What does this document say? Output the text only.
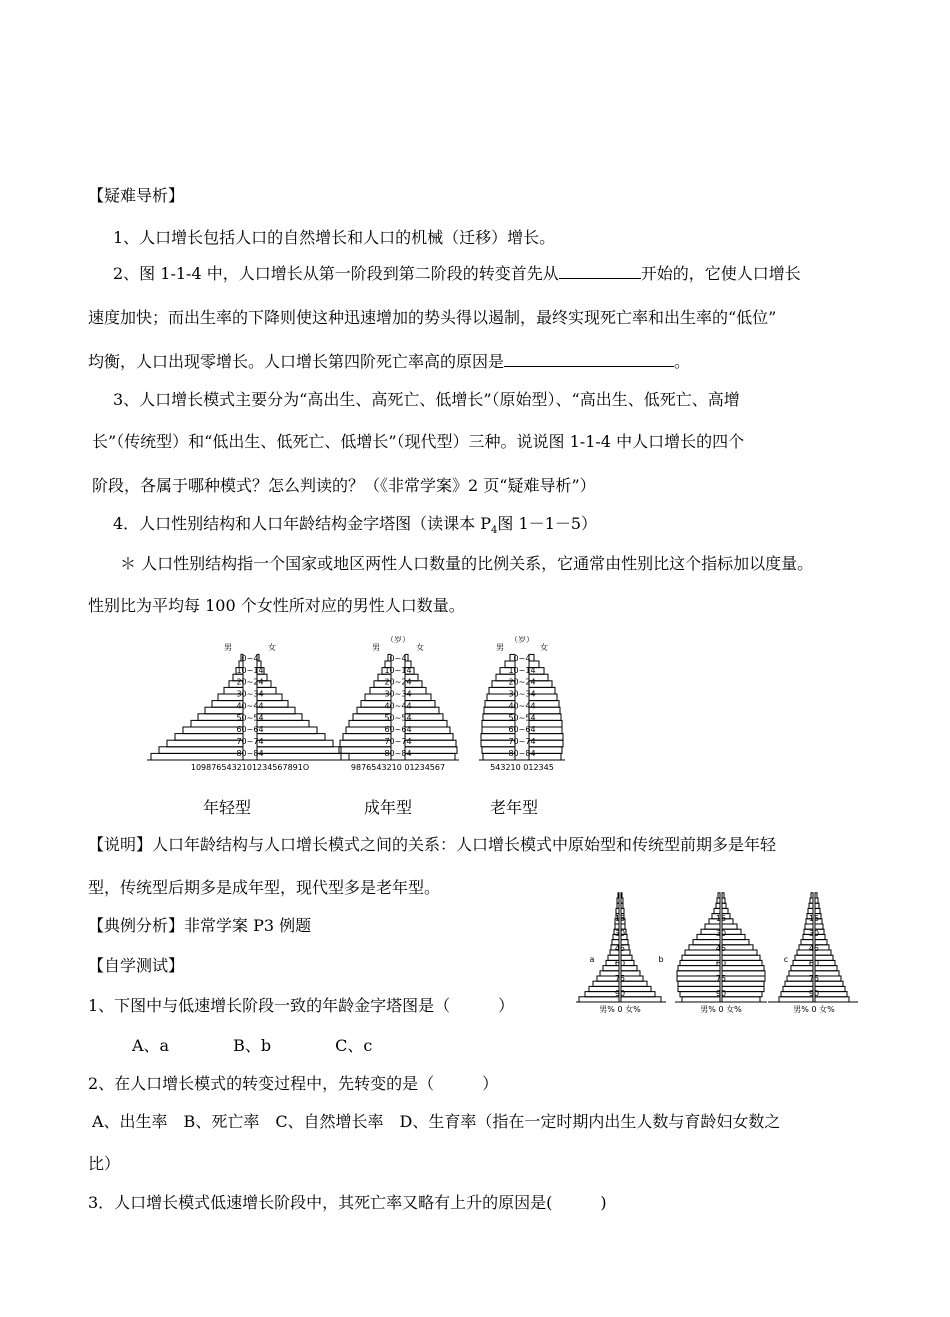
【疑难导析】
1、人口增长包括人口的自然增长和人口的机械（迁移）增长。
2、图 1-1-4 中，人口增长从第一阶段到第二阶段的转变首先从	开始的，它使人口增长
速度加快；而出生率的下降则使这种迅速增加的势头得以遏制，最终实现死亡率和出生率的“低位”
均衡，人口出现零增长。人口增长第四阶死亡率高的原因是	。
3、人口增长模式主要分为“高出生、高死亡、低增长”（原始型）、“高出生、低死亡、高增
长”（传统型）和“低出生、低死亡、低增长”（现代型）三种。说说图 1-1-4 中人口增长的四个
阶段，各属于哪种模式？怎么判读的？（《非常学案》2 页“疑难导析”）
4．人口性别结构和人口年龄结构金字塔图（读课本 $P_4$图 1－1－5）
＊ 人口性别结构指一个国家或地区两性人口数量的比例关系，它通常由性别比这个指标加以度量。
性别比为平均每 100 个女性所对应的男性人口数量。
80~84
70~74
60~64
50~54
40~44
30~34
20~24
10~14
0~4
1098765432101234567891O
男	女
80~84
70~74
60~64
50~54
40~44
30~34
20~24
10~14
0~4
9876543210 01234567
男	女
（岁）
80~84
70~74
60~64
50~54
40~44
30~34
20~24
10~14
0~4
543210 012345
男	女
（岁）
年轻型	成年型	老年型
【说明】人口年龄结构与人口增长模式之间的关系：人口增长模式中原始型和传统型前期多是年轻
型，传统型后期多是成年型，现代型多是老年型。
【典例分析】非常学案 P3 例题
【自学测试】
1、下图中与低速增长阶段一致的年龄金字塔图是（　　　）
A、a　　　　B、b　　　　C、c
90
75
60
45
30
15
男% 0 女%
a
90
75
60
45
30
15
男% 0 女%
b
90
75
60
45
30
15
男% 0 女%
c
2、在人口增长模式的转变过程中，先转变的是（　　　）
A、出生率　B、死亡率　C、自然增长率　D、生育率（指在一定时期内出生人数与育龄妇女数之
比）
3．人口增长模式低速增长阶段中，其死亡率又略有上升的原因是(　　　)
